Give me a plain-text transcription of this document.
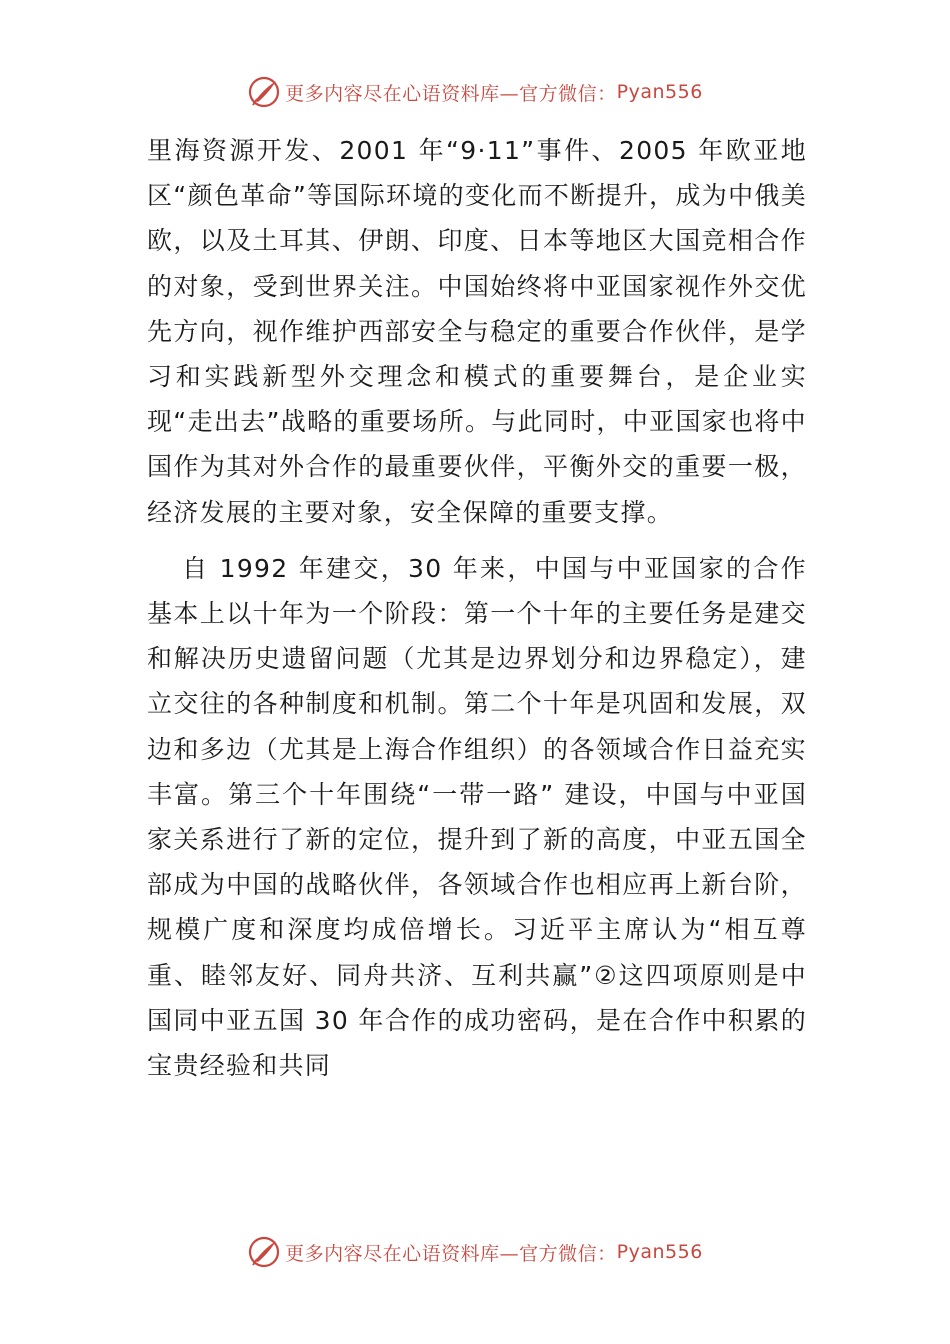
更多内容尽在心语资料库—官方微信： Pyan556

里海资源开发、2001 年“9·11”事件、2005 年欧亚地区“颜色革命”等国际环境的变化而不断提升，成为中俄美欧，以及土耳其、伊朗、印度、日本等地区大国竞相合作的对象，受到世界关注。中国始终将中亚国家视作外交优先方向，视作维护西部安全与稳定的重要合作伙伴，是学习和实践新型外交理念和模式的重要舞台，是企业实现“走出去”战略的重要场所。与此同时，中亚国家也将中国作为其对外合作的最重要伙伴，平衡外交的重要一极，经济发展的主要对象，安全保障的重要支撑。

自 1992 年建交，30 年来，中国与中亚国家的合作基本上以十年为一个阶段：第一个十年的主要任务是建交和解决历史遗留问题（尤其是边界划分和边界稳定），建立交往的各种制度和机制。第二个十年是巩固和发展，双边和多边（尤其是上海合作组织）的各领域合作日益充实丰富。第三个十年围绕“一带一路” 建设，中国与中亚国家关系进行了新的定位，提升到了新的高度，中亚五国全部成为中国的战略伙伴，各领域合作也相应再上新台阶，规模广度和深度均成倍增长。习近平主席认为“相互尊重、睦邻友好、同舟共济、互利共赢”②这四项原则是中国同中亚五国 30 年合作的成功密码，是在合作中积累的宝贵经验和共同

更多内容尽在心语资料库—官方微信： Pyan556
